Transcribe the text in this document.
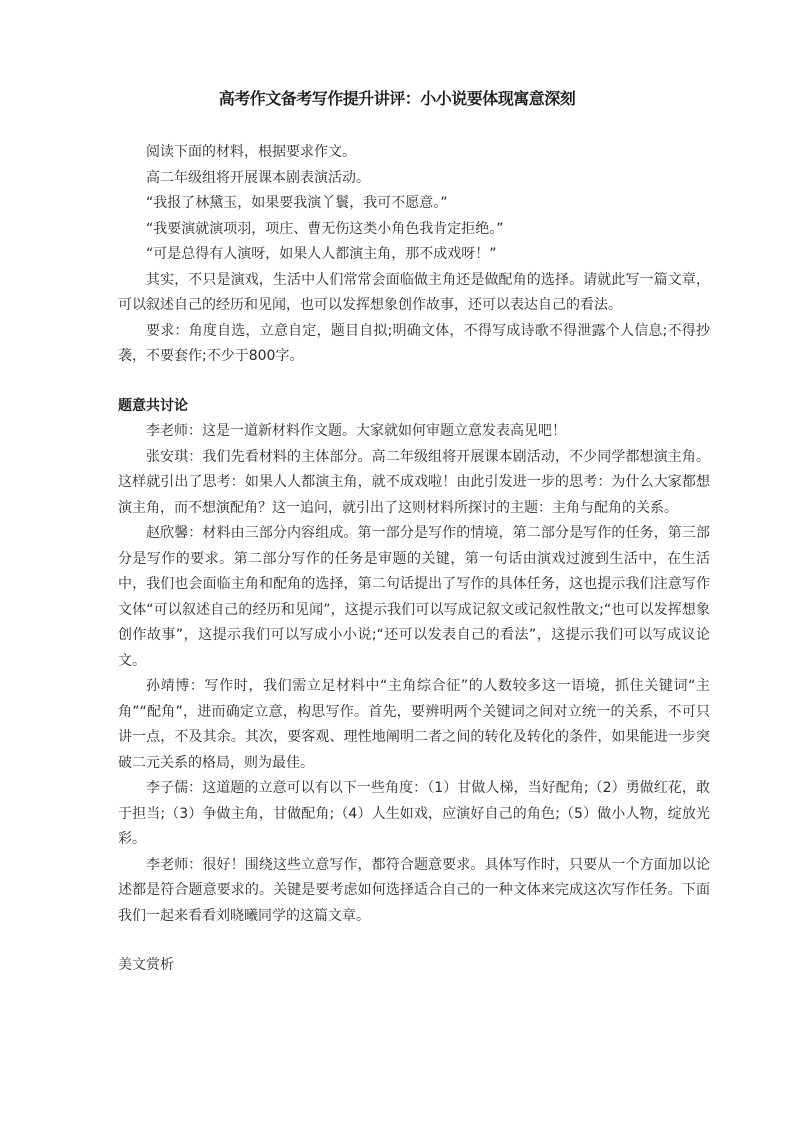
高考作文备考写作提升讲评：小小说要体现寓意深刻

阅读下面的材料，根据要求作文。

高二年级组将开展课本剧表演活动。

“我报了林黛玉，如果要我演丫鬟，我可不愿意。”

“我要演就演项羽，项庄、曹无伤这类小角色我肯定拒绝。”

“可是总得有人演呀，如果人人都演主角，那不成戏呀！”

其实，不只是演戏，生活中人们常常会面临做主角还是做配角的选择。请就此写一篇文章，可以叙述自己的经历和见闻，也可以发挥想象创作故事，还可以表达自己的看法。

要求：角度自选，立意自定，题目自拟;明确文体，不得写成诗歌不得泄露个人信息;不得抄袭，不要套作;不少于800字。

题意共讨论

李老师：这是一道新材料作文题。大家就如何审题立意发表高见吧！

张安琪：我们先看材料的主体部分。高二年级组将开展课本剧活动，不少同学都想演主角。这样就引出了思考：如果人人都演主角，就不成戏啦！由此引发进一步的思考：为什么大家都想演主角，而不想演配角？这一追问，就引出了这则材料所探讨的主题：主角与配角的关系。

赵欣馨：材料由三部分内容组成。第一部分是写作的情境，第二部分是写作的任务，第三部分是写作的要求。第二部分写作的任务是审题的关键，第一句话由演戏过渡到生活中，在生活中，我们也会面临主角和配角的选择，第二句话提出了写作的具体任务，这也提示我们注意写作文体“可以叙述自己的经历和见闻”，这提示我们可以写成记叙文或记叙性散文;“也可以发挥想象创作故事”，这提示我们可以写成小小说;“还可以发表自己的看法”，这提示我们可以写成议论文。

孙靖博：写作时，我们需立足材料中“主角综合征”的人数较多这一语境，抓住关键词“主角”“配角”，进而确定立意，构思写作。首先，要辨明两个关键词之间对立统一的关系，不可只讲一点，不及其余。其次，要客观、理性地阐明二者之间的转化及转化的条件，如果能进一步突破二元关系的格局，则为最佳。

李子儒：这道题的立意可以有以下一些角度：（1）甘做人梯，当好配角;（2）勇做红花，敢于担当;（3）争做主角，甘做配角;（4）人生如戏，应演好自己的角色;（5）做小人物，绽放光彩。

李老师：很好！围绕这些立意写作，都符合题意要求。具体写作时，只要从一个方面加以论述都是符合题意要求的。关键是要考虑如何选择适合自己的一种文体来完成这次写作任务。下面我们一起来看看刘晓曦同学的这篇文章。

美文赏析
